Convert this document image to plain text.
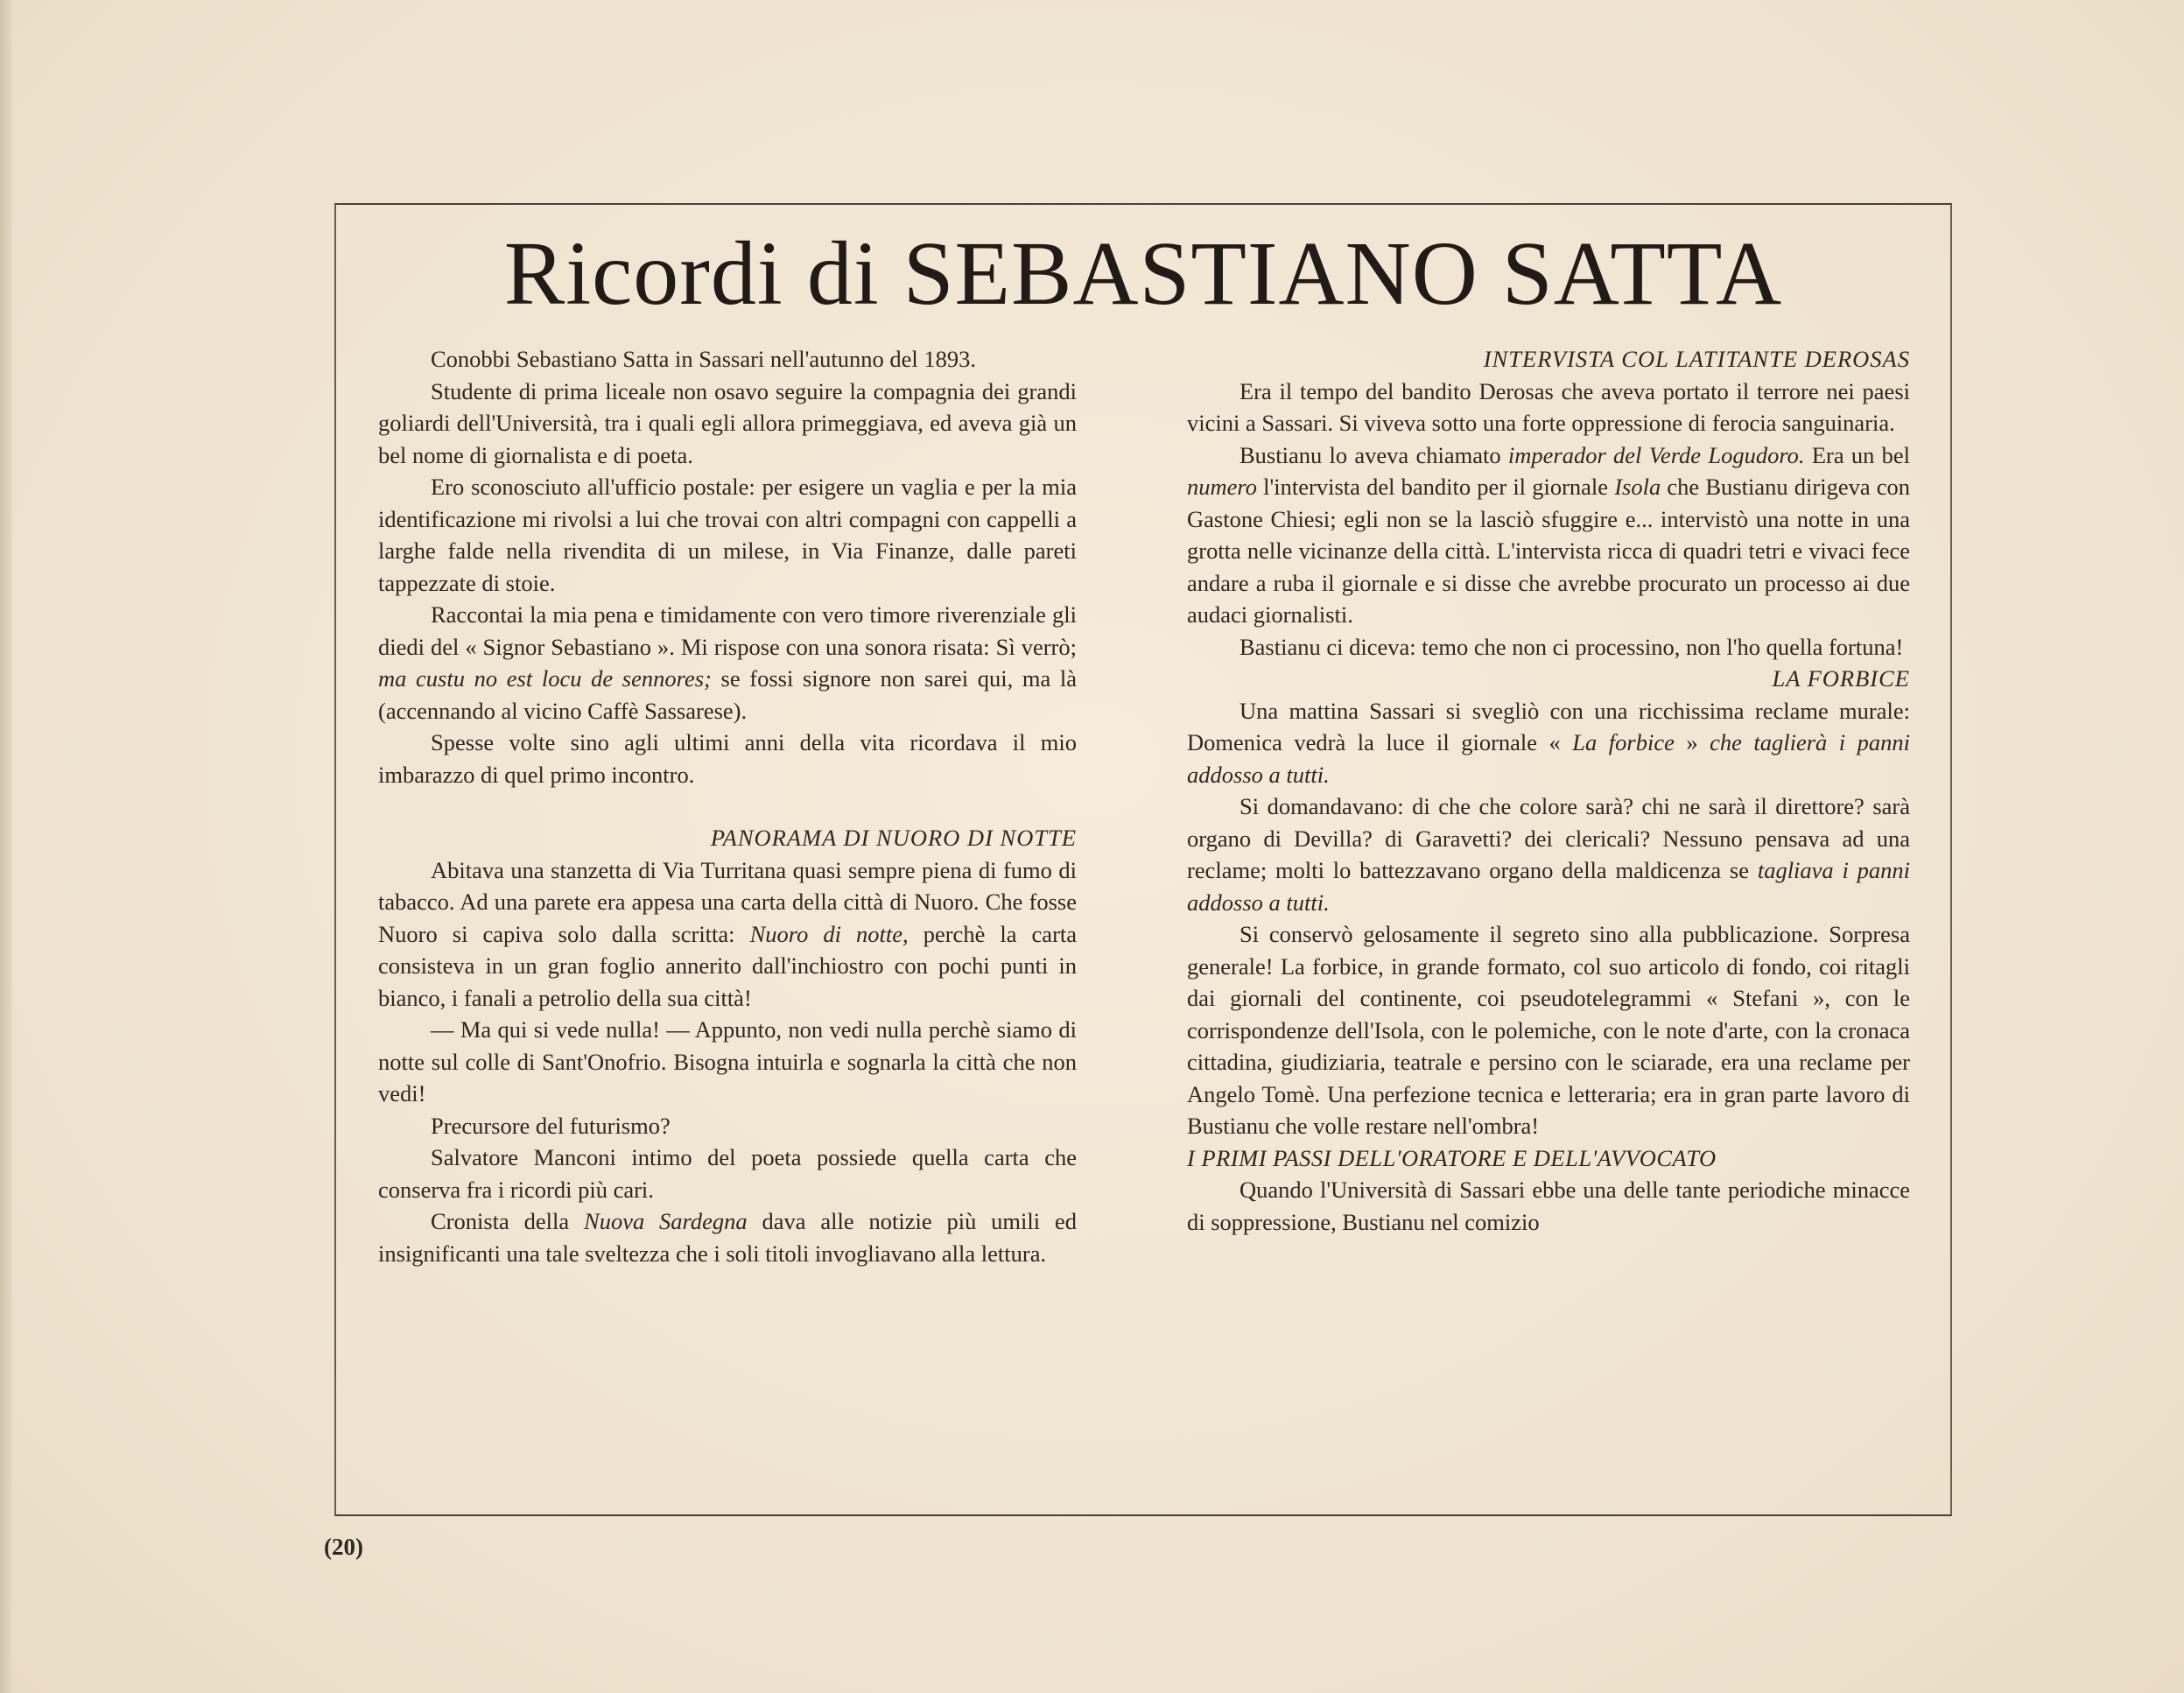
Ricordi di SEBASTIANO SATTA

Conobbi Sebastiano Satta in Sassari nell'autunno del 1893.

Studente di prima liceale non osavo seguire la compagnia dei grandi goliardi dell'Università, tra i quali egli allora primeggiava, ed aveva già un bel nome di giornalista e di poeta.

Ero sconosciuto all'ufficio postale: per esigere un vaglia e per la mia identificazione mi rivolsi a lui che trovai con altri compagni con cappelli a larghe falde nella rivendita di un milese, in Via Finanze, dalle pareti tappezzate di stoie.

Raccontai la mia pena e timidamente con vero timore riverenziale gli diedi del « Signor Sebastiano ». Mi rispose con una sonora risata: Sì verrò; ma custu no est locu de sennores; se fossi signore non sarei qui, ma là (accennando al vicino Caffè Sassarese).

Spesse volte sino agli ultimi anni della vita ricordava il mio imbarazzo di quel primo incontro.

PANORAMA DI NUORO DI NOTTE

Abitava una stanzetta di Via Turritana quasi sempre piena di fumo di tabacco. Ad una parete era appesa una carta della città di Nuoro. Che fosse Nuoro si capiva solo dalla scritta: Nuoro di notte, perchè la carta consisteva in un gran foglio annerito dall'inchiostro con pochi punti in bianco, i fanali a petrolio della sua città!

— Ma qui si vede nulla! — Appunto, non vedi nulla perchè siamo di notte sul colle di Sant'Onofrio. Bisogna intuirla e sognarla la città che non vedi!

Precursore del futurismo?

Salvatore Manconi intimo del poeta possiede quella carta che conserva fra i ricordi più cari.

Cronista della Nuova Sardegna dava alle notizie più umili ed insignificanti una tale sveltezza che i soli titoli invogliavano alla lettura.

INTERVISTA COL LATITANTE DEROSAS

Era il tempo del bandito Derosas che aveva portato il terrore nei paesi vicini a Sassari. Si viveva sotto una forte oppressione di ferocia sanguinaria.

Bustianu lo aveva chiamato imperador del Verde Logudoro. Era un bel numero l'intervista del bandito per il giornale Isola che Bustianu dirigeva con Gastone Chiesi; egli non se la lasciò sfuggire e... intervistò una notte in una grotta nelle vicinanze della città. L'intervista ricca di quadri tetri e vivaci fece andare a ruba il giornale e si disse che avrebbe procurato un processo ai due audaci giornalisti.

Bastianu ci diceva: temo che non ci processino, non l'ho quella fortuna!

LA FORBICE

Una mattina Sassari si svegliò con una ricchissima reclame murale: Domenica vedrà la luce il giornale « La forbice » che taglierà i panni addosso a tutti.

Si domandavano: di che che colore sarà? chi ne sarà il direttore? sarà organo di Devilla? di Garavetti? dei clericali? Nessuno pensava ad una reclame; molti lo battezzavano organo della maldicenza se tagliava i panni addosso a tutti.

Si conservò gelosamente il segreto sino alla pubblicazione. Sorpresa generale! La forbice, in grande formato, col suo articolo di fondo, coi ritagli dai giornali del continente, coi pseudotelegrammi « Stefani », con le corrispondenze dell'Isola, con le polemiche, con le note d'arte, con la cronaca cittadina, giudiziaria, teatrale e persino con le sciarade, era una reclame per Angelo Tomè. Una perfezione tecnica e letteraria; era in gran parte lavoro di Bustianu che volle restare nell'ombra!

I PRIMI PASSI DELL'ORATORE E DELL'AVVOCATO

Quando l'Università di Sassari ebbe una delle tante periodiche minacce di soppressione, Bustianu nel comizio

(20)
